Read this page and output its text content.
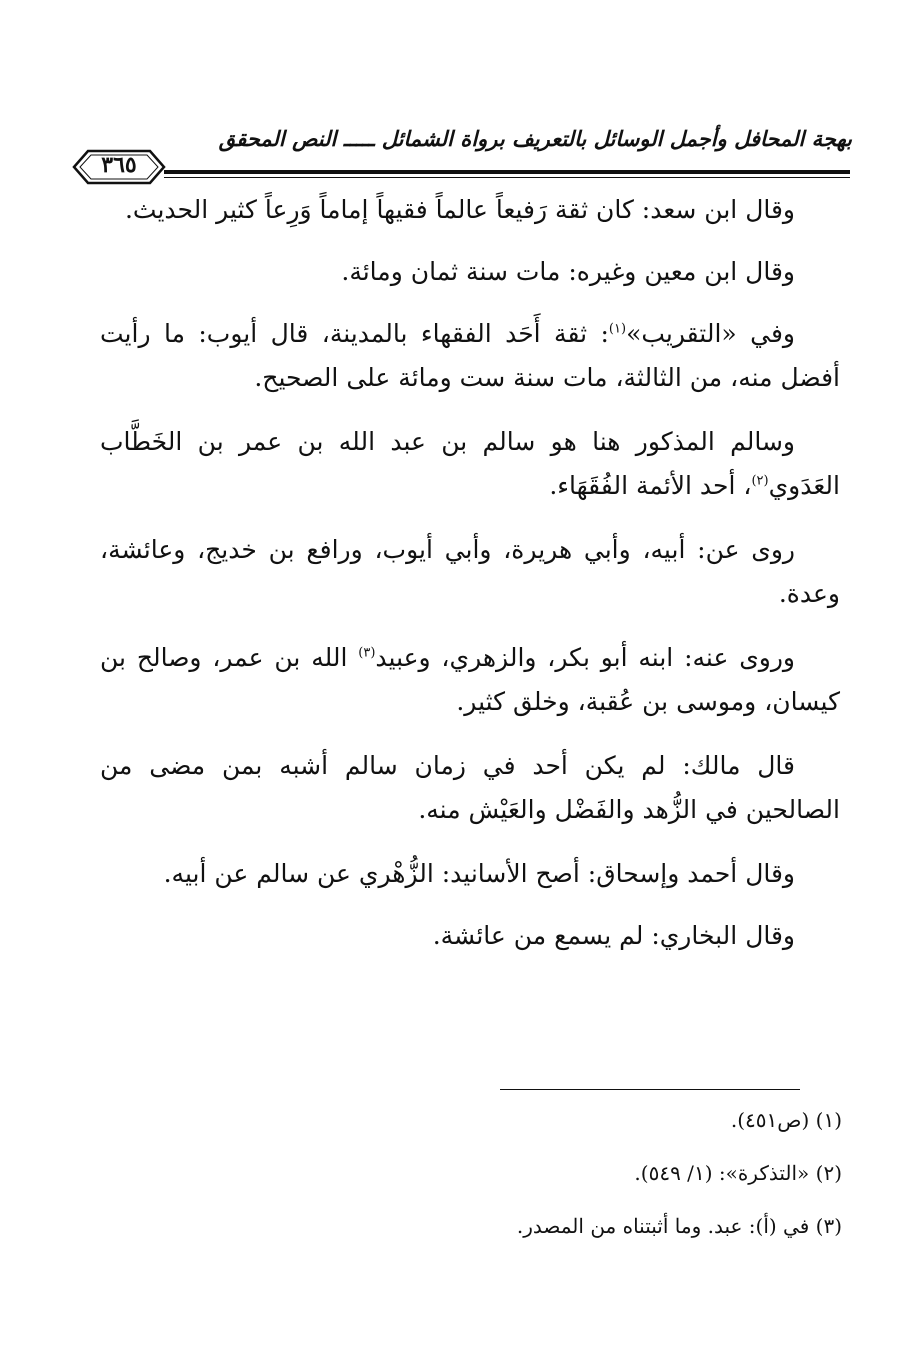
بهجة المحافل وأجمل الوسائل بالتعريف برواة الشمائل ـــــ النص المحقق
٣٦٥

وقال ابن سعد: كان ثقة رَفيعاً عالماً فقيهاً إماماً وَرِعاً كثير الحديث.

وقال ابن معين وغيره: مات سنة ثمان ومائة.

وفي «التقريب»$^{(١)}$: ثقة أَحَد الفقهاء بالمدينة، قال أيوب: ما رأيت أفضل منه، من الثالثة، مات سنة ست ومائة على الصحيح.

وسالم المذكور هنا هو سالم بن عبد الله بن عمر بن الخَطَّاب العَدَوي$^{(٢)}$، أحد الأئمة الفُقَهَاء.

روى عن: أبيه، وأبي هريرة، وأبي أيوب، ورافع بن خديج، وعائشة، وعدة.

وروى عنه: ابنه أبو بكر، والزهري، وعبيد$^{(٣)}$ الله بن عمر، وصالح بن كيسان، وموسى بن عُقبة، وخلق كثير.

قال مالك: لم يكن أحد في زمان سالم أشبه بمن مضى من الصالحين في الزُّهد والفَضْل والعَيْش منه.

وقال أحمد وإسحاق: أصح الأسانيد: الزُّهْري عن سالم عن أبيه.

وقال البخاري: لم يسمع من عائشة.

(١) (ص٤٥١).

(٢) «التذكرة»: (١/ ٥٤٩).

(٣) في (أ): عبد. وما أثبتناه من المصدر.
